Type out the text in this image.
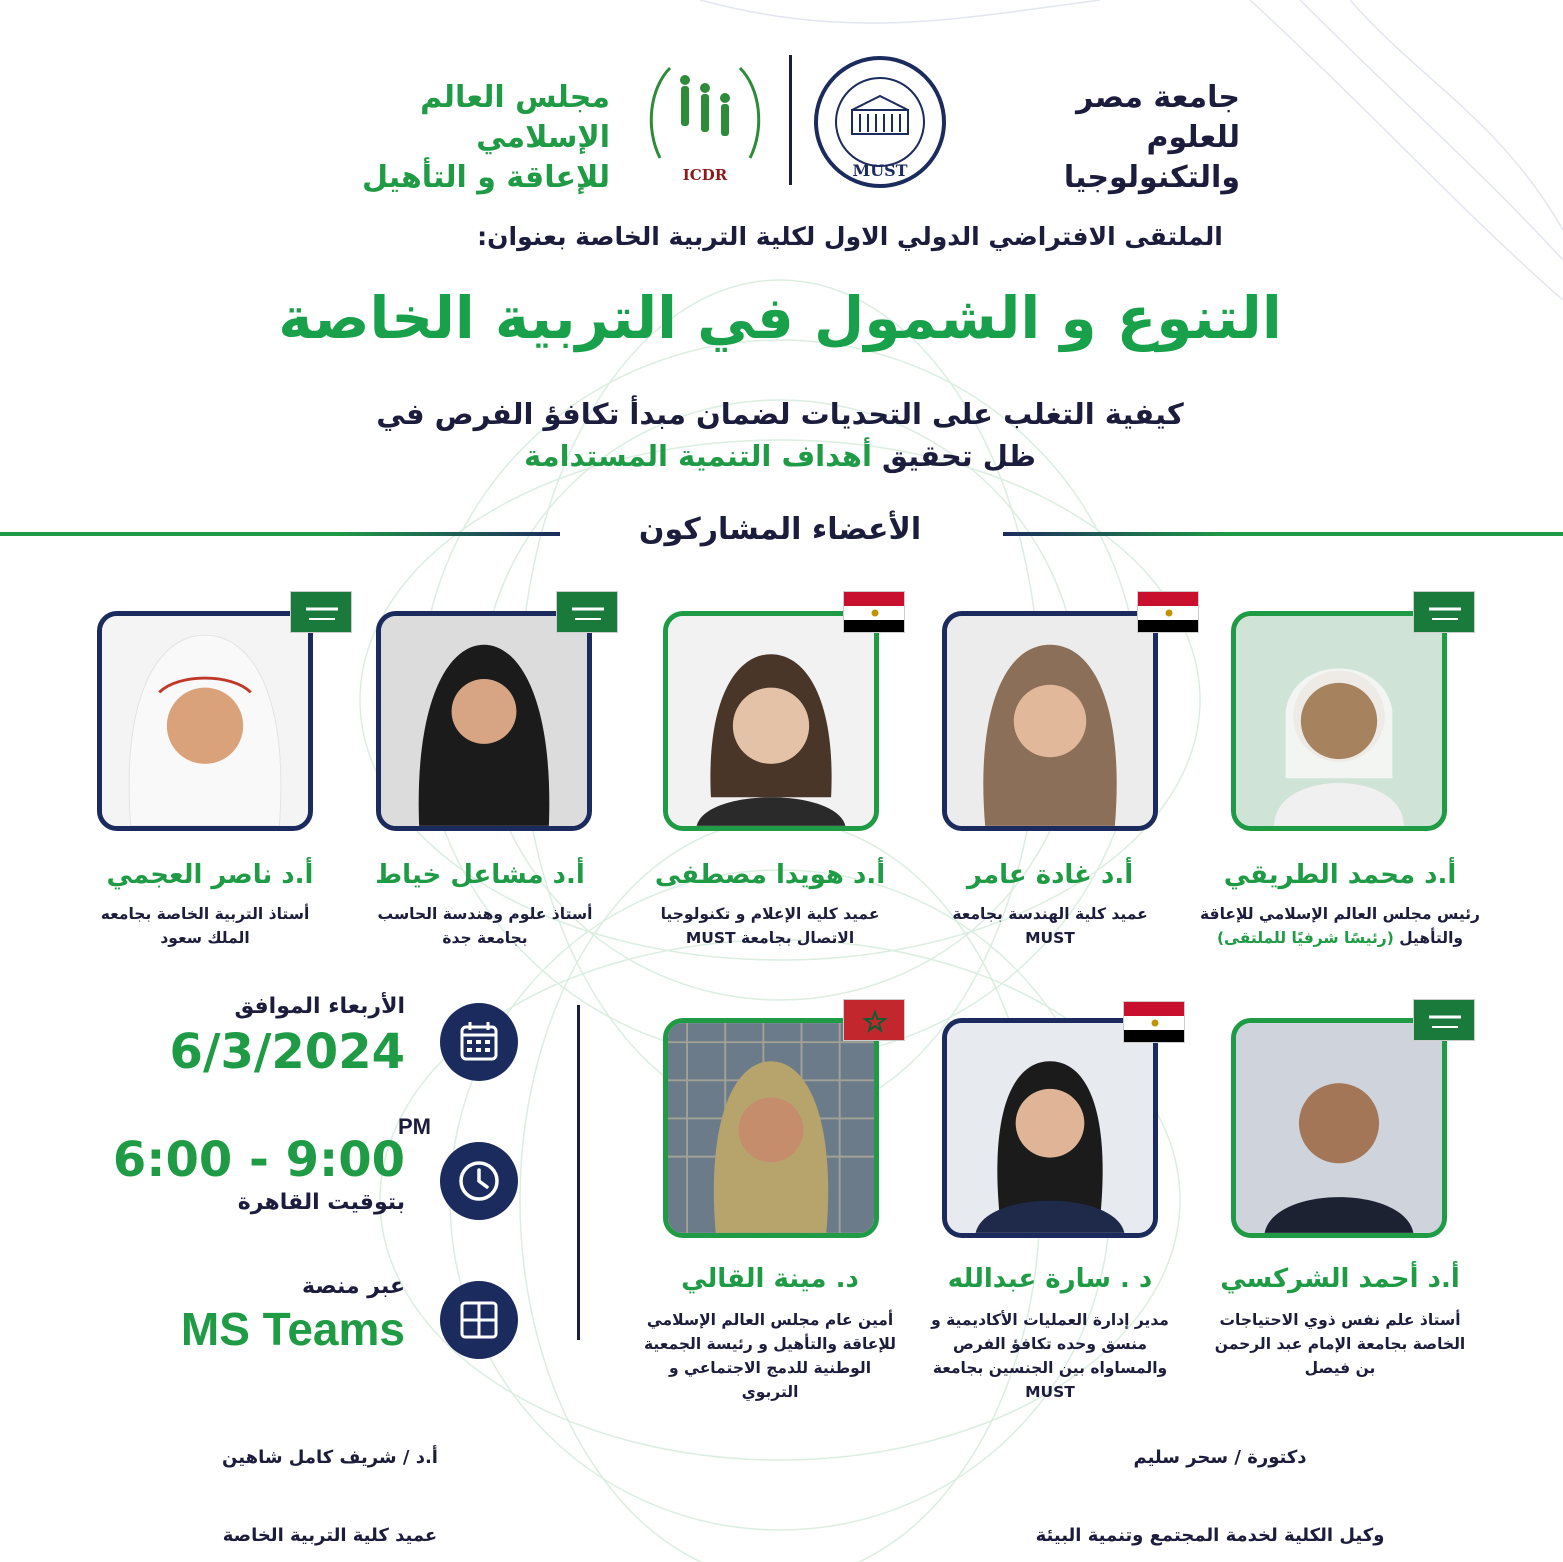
جامعة مصر
للعلوم والتكنولوجيا
MUST
ICDR
مجلس العالم الإسلامي
للإعاقة و التأهيل
الملتقى الافتراضي الدولي الاول لكلية التربية الخاصة بعنوان:
التنوع و الشمول في التربية الخاصة
كيفية التغلب على التحديات لضمان مبدأ تكافؤ الفرص في
ظل تحقيق أهداف التنمية المستدامة
الأعضاء المشاركون
أ.د محمد الطريقي
رئيس مجلس العالم الإسلامي للإعاقة والتأهيل (رئيسًا شرفيًا للملتقى)
أ.د غادة عامر
عميد كلية الهندسة بجامعة MUST
أ.د هويدا مصطفى
عميد كلية الإعلام و تكنولوجيا الاتصال بجامعة MUST
أ.د مشاعل خياط
أستاذ علوم وهندسة الحاسب بجامعة جدة
أ.د ناصر العجمي
أستاذ التربية الخاصة بجامعه الملك سعود
أ.د أحمد الشركسي
أستاذ علم نفس ذوي الاحتياجات الخاصة بجامعة الإمام عبد الرحمن بن فيصل
د . سارة عبدالله
مدير إدارة العمليات الأكاديمية و منسق وحده تكافؤ الفرص والمساواه بين الجنسين بجامعة MUST
د. مينة القالي
أمين عام مجلس العالم الإسلامي للإعاقة والتأهيل و رئيسة الجمعية الوطنية للدمج الاجتماعي و التربوي
الأربعاء الموافق
6/3/2024
PM
6:00 - 9:00
بتوقيت القاهرة
عبر منصة
MS Teams
أ.د / شريف كامل شاهين
عميد كلية التربية الخاصة
دكتورة / سحر سليم
وكيل الكلية لخدمة المجتمع وتنمية البيئة
